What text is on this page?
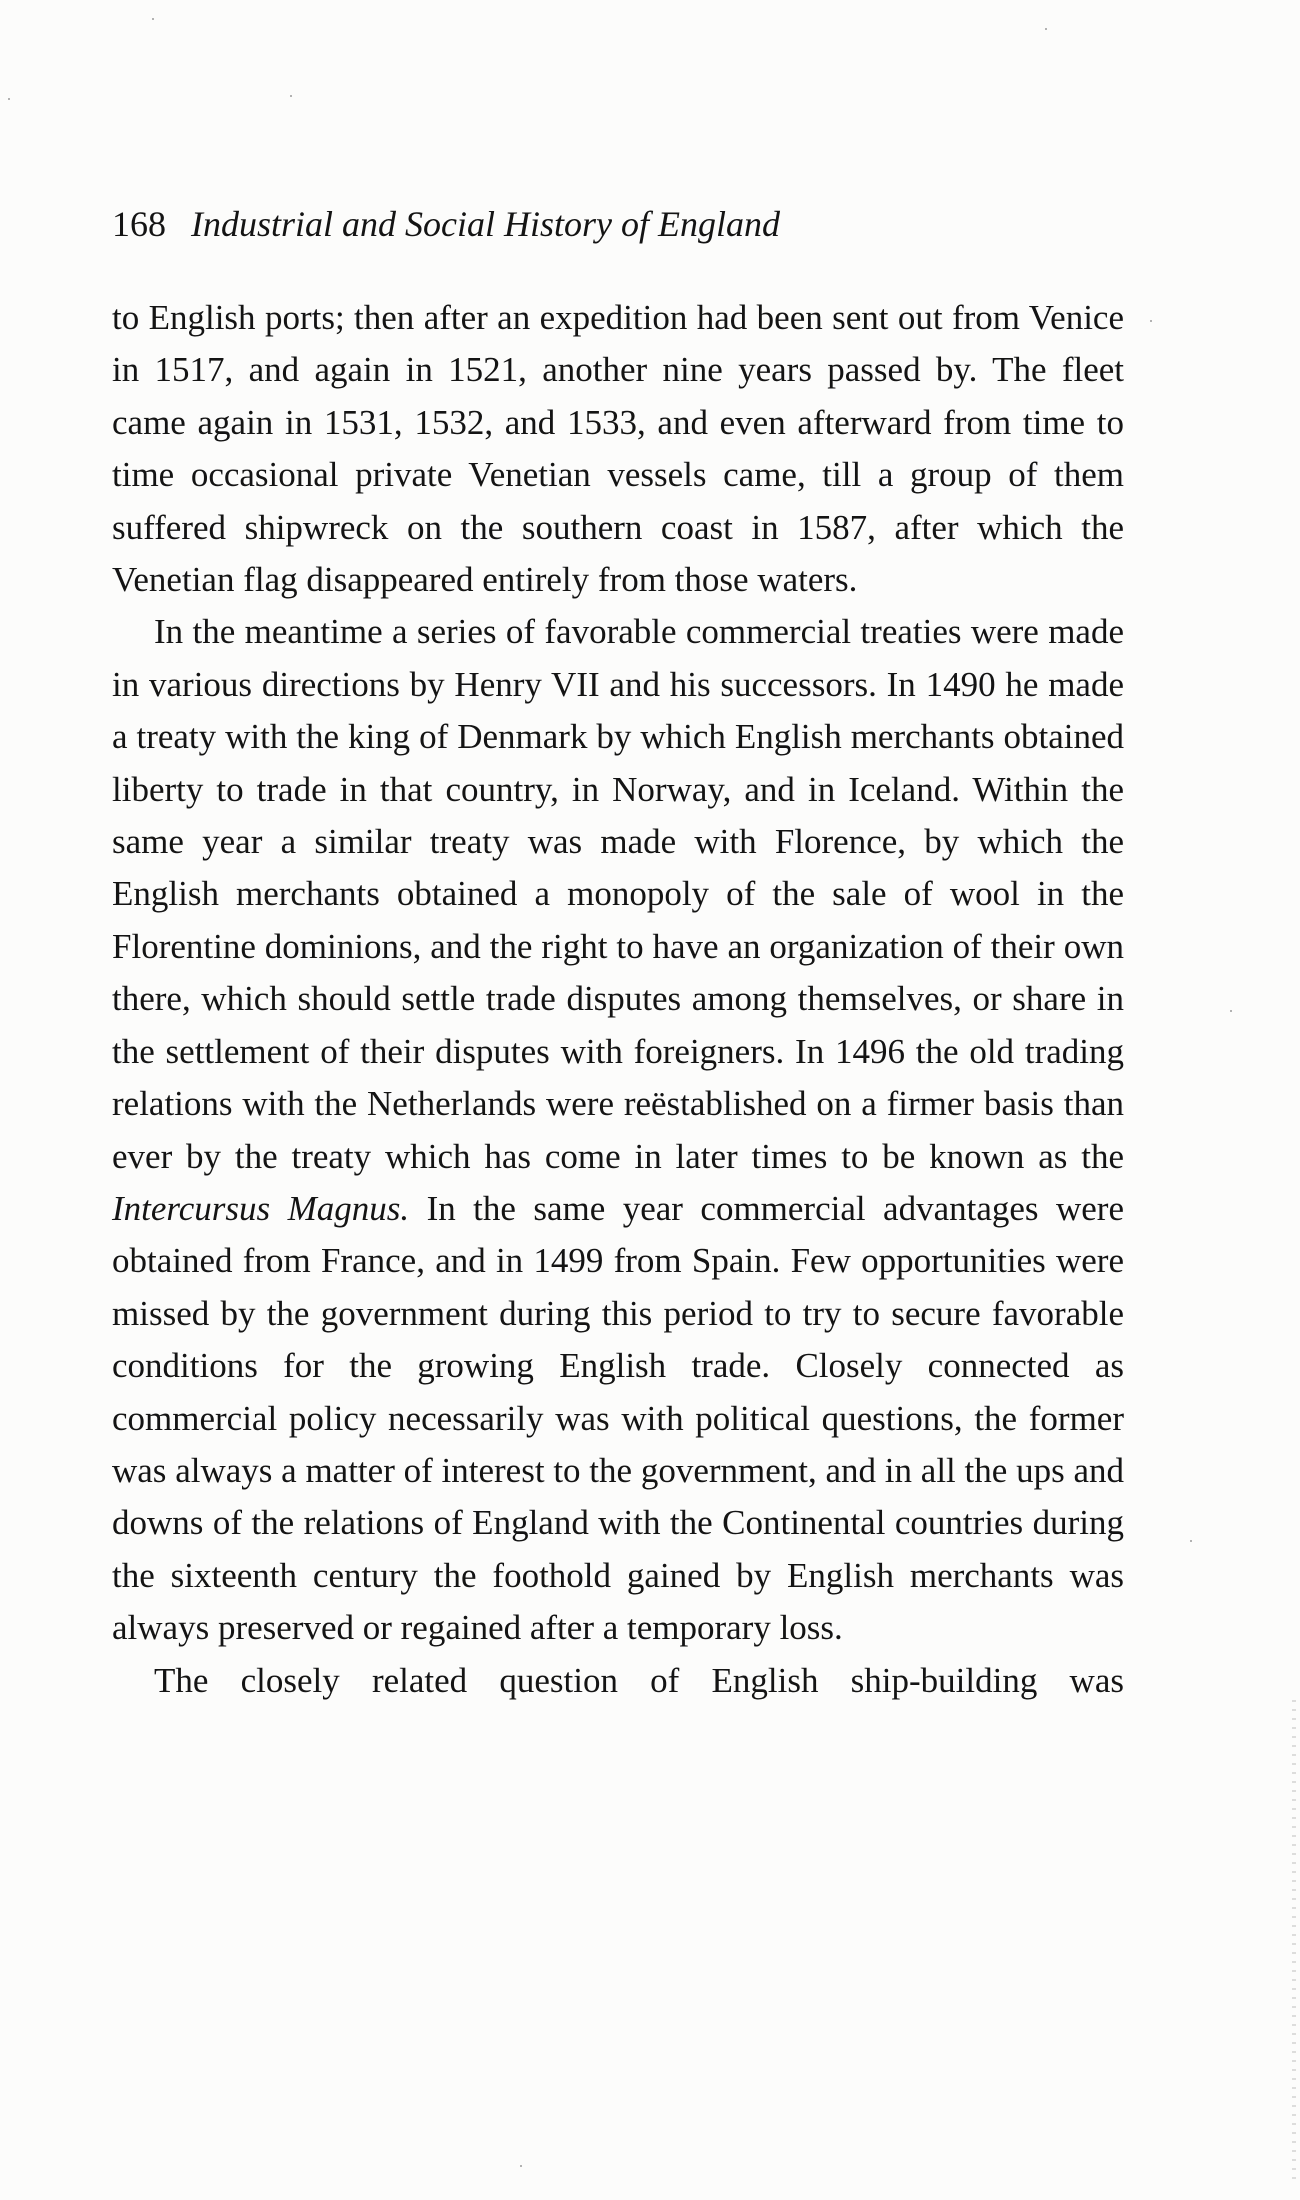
168 Industrial and Social History of England

to English ports; then after an expedition had been sent out from Venice in 1517, and again in 1521, another nine years passed by. The fleet came again in 1531, 1532, and 1533, and even afterward from time to time occasional private Venetian vessels came, till a group of them suffered shipwreck on the southern coast in 1587, after which the Venetian flag disappeared entirely from those waters.

In the meantime a series of favorable commercial treaties were made in various directions by Henry VII and his successors. In 1490 he made a treaty with the king of Denmark by which English merchants obtained liberty to trade in that country, in Norway, and in Iceland. Within the same year a similar treaty was made with Florence, by which the English merchants obtained a monopoly of the sale of wool in the Florentine dominions, and the right to have an organization of their own there, which should settle trade disputes among themselves, or share in the settlement of their disputes with foreigners. In 1496 the old trading relations with the Netherlands were reëstablished on a firmer basis than ever by the treaty which has come in later times to be known as the Intercursus Magnus. In the same year commercial advantages were obtained from France, and in 1499 from Spain. Few opportunities were missed by the government during this period to try to secure favorable conditions for the growing English trade. Closely connected as commercial policy necessarily was with political questions, the former was always a matter of interest to the government, and in all the ups and downs of the relations of England with the Continental countries during the sixteenth century the foothold gained by English merchants was always preserved or regained after a temporary loss.

The closely related question of English ship-building was
